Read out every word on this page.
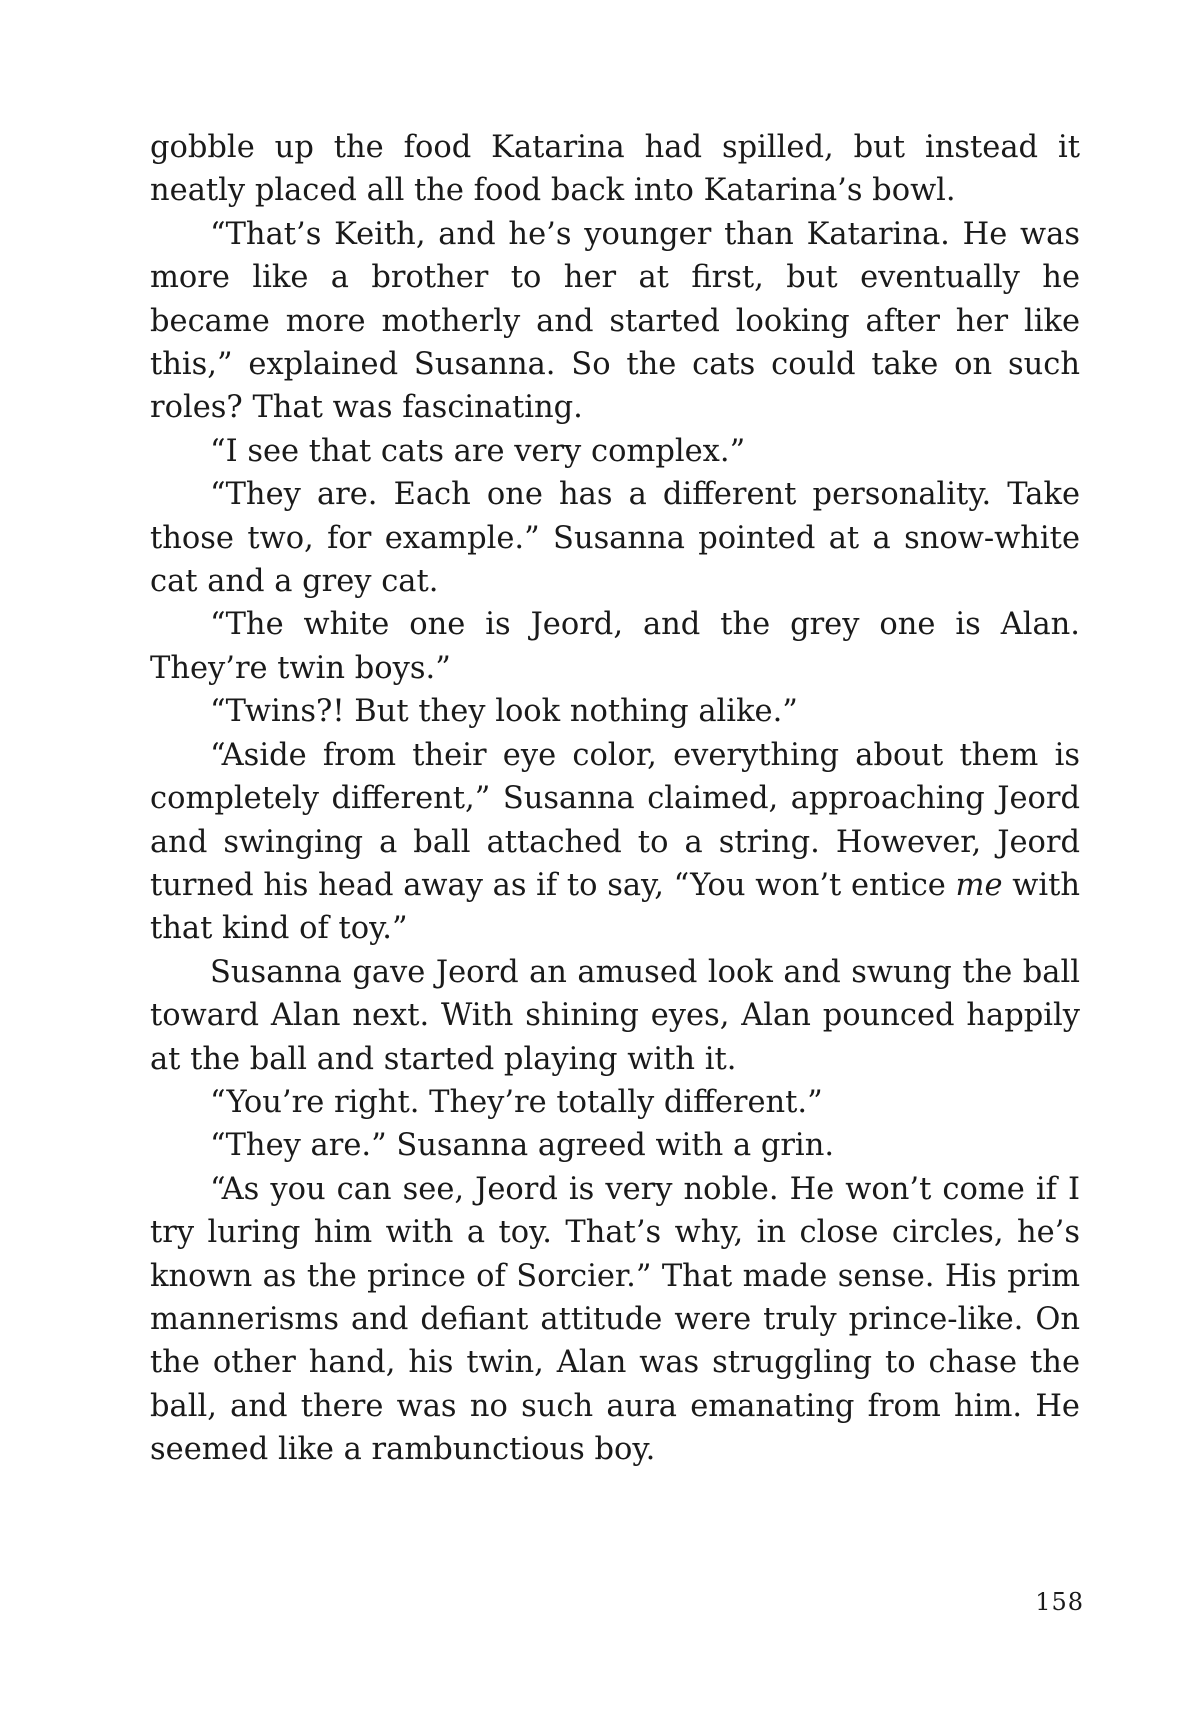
gobble up the food Katarina had spilled, but instead it neatly placed all the food back into Katarina’s bowl.

“That’s Keith, and he’s younger than Katarina. He was more like a brother to her at first, but eventually he became more motherly and started looking after her like this,” explained Susanna. So the cats could take on such roles? That was fascinating.

“I see that cats are very complex.”

“They are. Each one has a different personality. Take those two, for example.” Susanna pointed at a snow-white cat and a grey cat.

“The white one is Jeord, and the grey one is Alan. They’re twin boys.”

“Twins?! But they look nothing alike.”

“Aside from their eye color, everything about them is completely different,” Susanna claimed, approaching Jeord and swinging a ball attached to a string. However, Jeord turned his head away as if to say, “You won’t entice me with that kind of toy.”

Susanna gave Jeord an amused look and swung the ball toward Alan next. With shining eyes, Alan pounced happily at the ball and started playing with it.

“You’re right. They’re totally different.”

“They are.” Susanna agreed with a grin.

“As you can see, Jeord is very noble. He won’t come if I try luring him with a toy. That’s why, in close circles, he’s known as the prince of Sorcier.” That made sense. His prim mannerisms and defiant attitude were truly prince-like. On the other hand, his twin, Alan was struggling to chase the ball, and there was no such aura emanating from him. He seemed like a rambunctious boy.

158
